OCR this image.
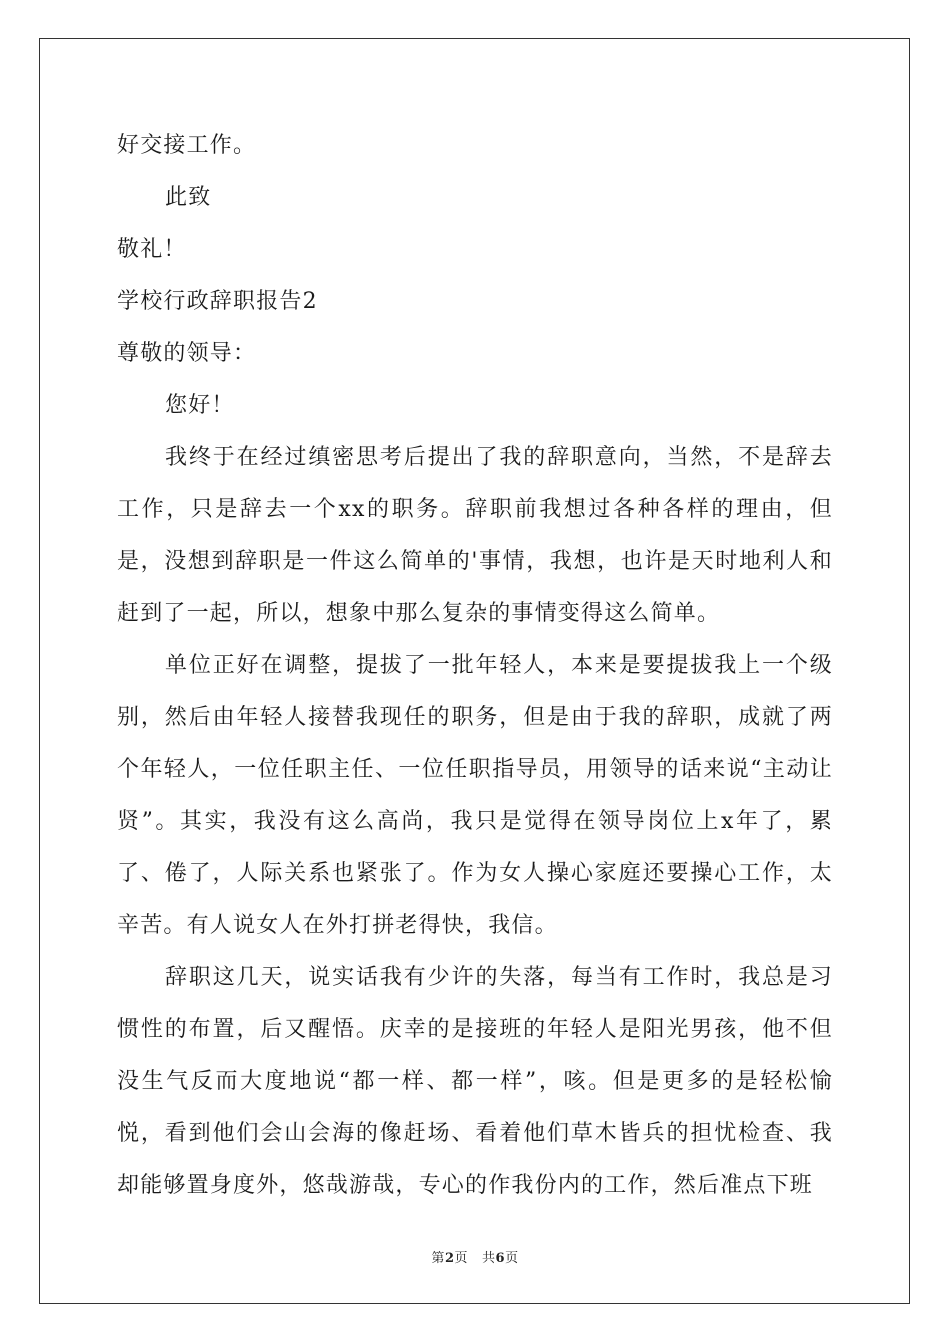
好交接工作。

此致

敬礼！

学校行政辞职报告2

尊敬的领导：

您好！

我终于在经过缜密思考后提出了我的辞职意向，当然，不是辞去工作，只是辞去一个xx的职务。辞职前我想过各种各样的理由，但是，没想到辞职是一件这么简单的'事情，我想，也许是天时地利人和赶到了一起，所以，想象中那么复杂的事情变得这么简单。

单位正好在调整，提拔了一批年轻人，本来是要提拔我上一个级别，然后由年轻人接替我现任的职务，但是由于我的辞职，成就了两个年轻人，一位任职主任、一位任职指导员，用领导的话来说“主动让贤”。其实，我没有这么高尚，我只是觉得在领导岗位上x年了，累了、倦了，人际关系也紧张了。作为女人操心家庭还要操心工作，太辛苦。有人说女人在外打拼老得快，我信。

辞职这几天，说实话我有少许的失落，每当有工作时，我总是习惯性的布置，后又醒悟。庆幸的是接班的年轻人是阳光男孩，他不但没生气反而大度地说“都一样、都一样”，咳。但是更多的是轻松愉悦，看到他们会山会海的像赶场、看着他们草木皆兵的担忧检查、我却能够置身度外，悠哉游哉，专心的作我份内的工作，然后准点下班

第2页 共6页
